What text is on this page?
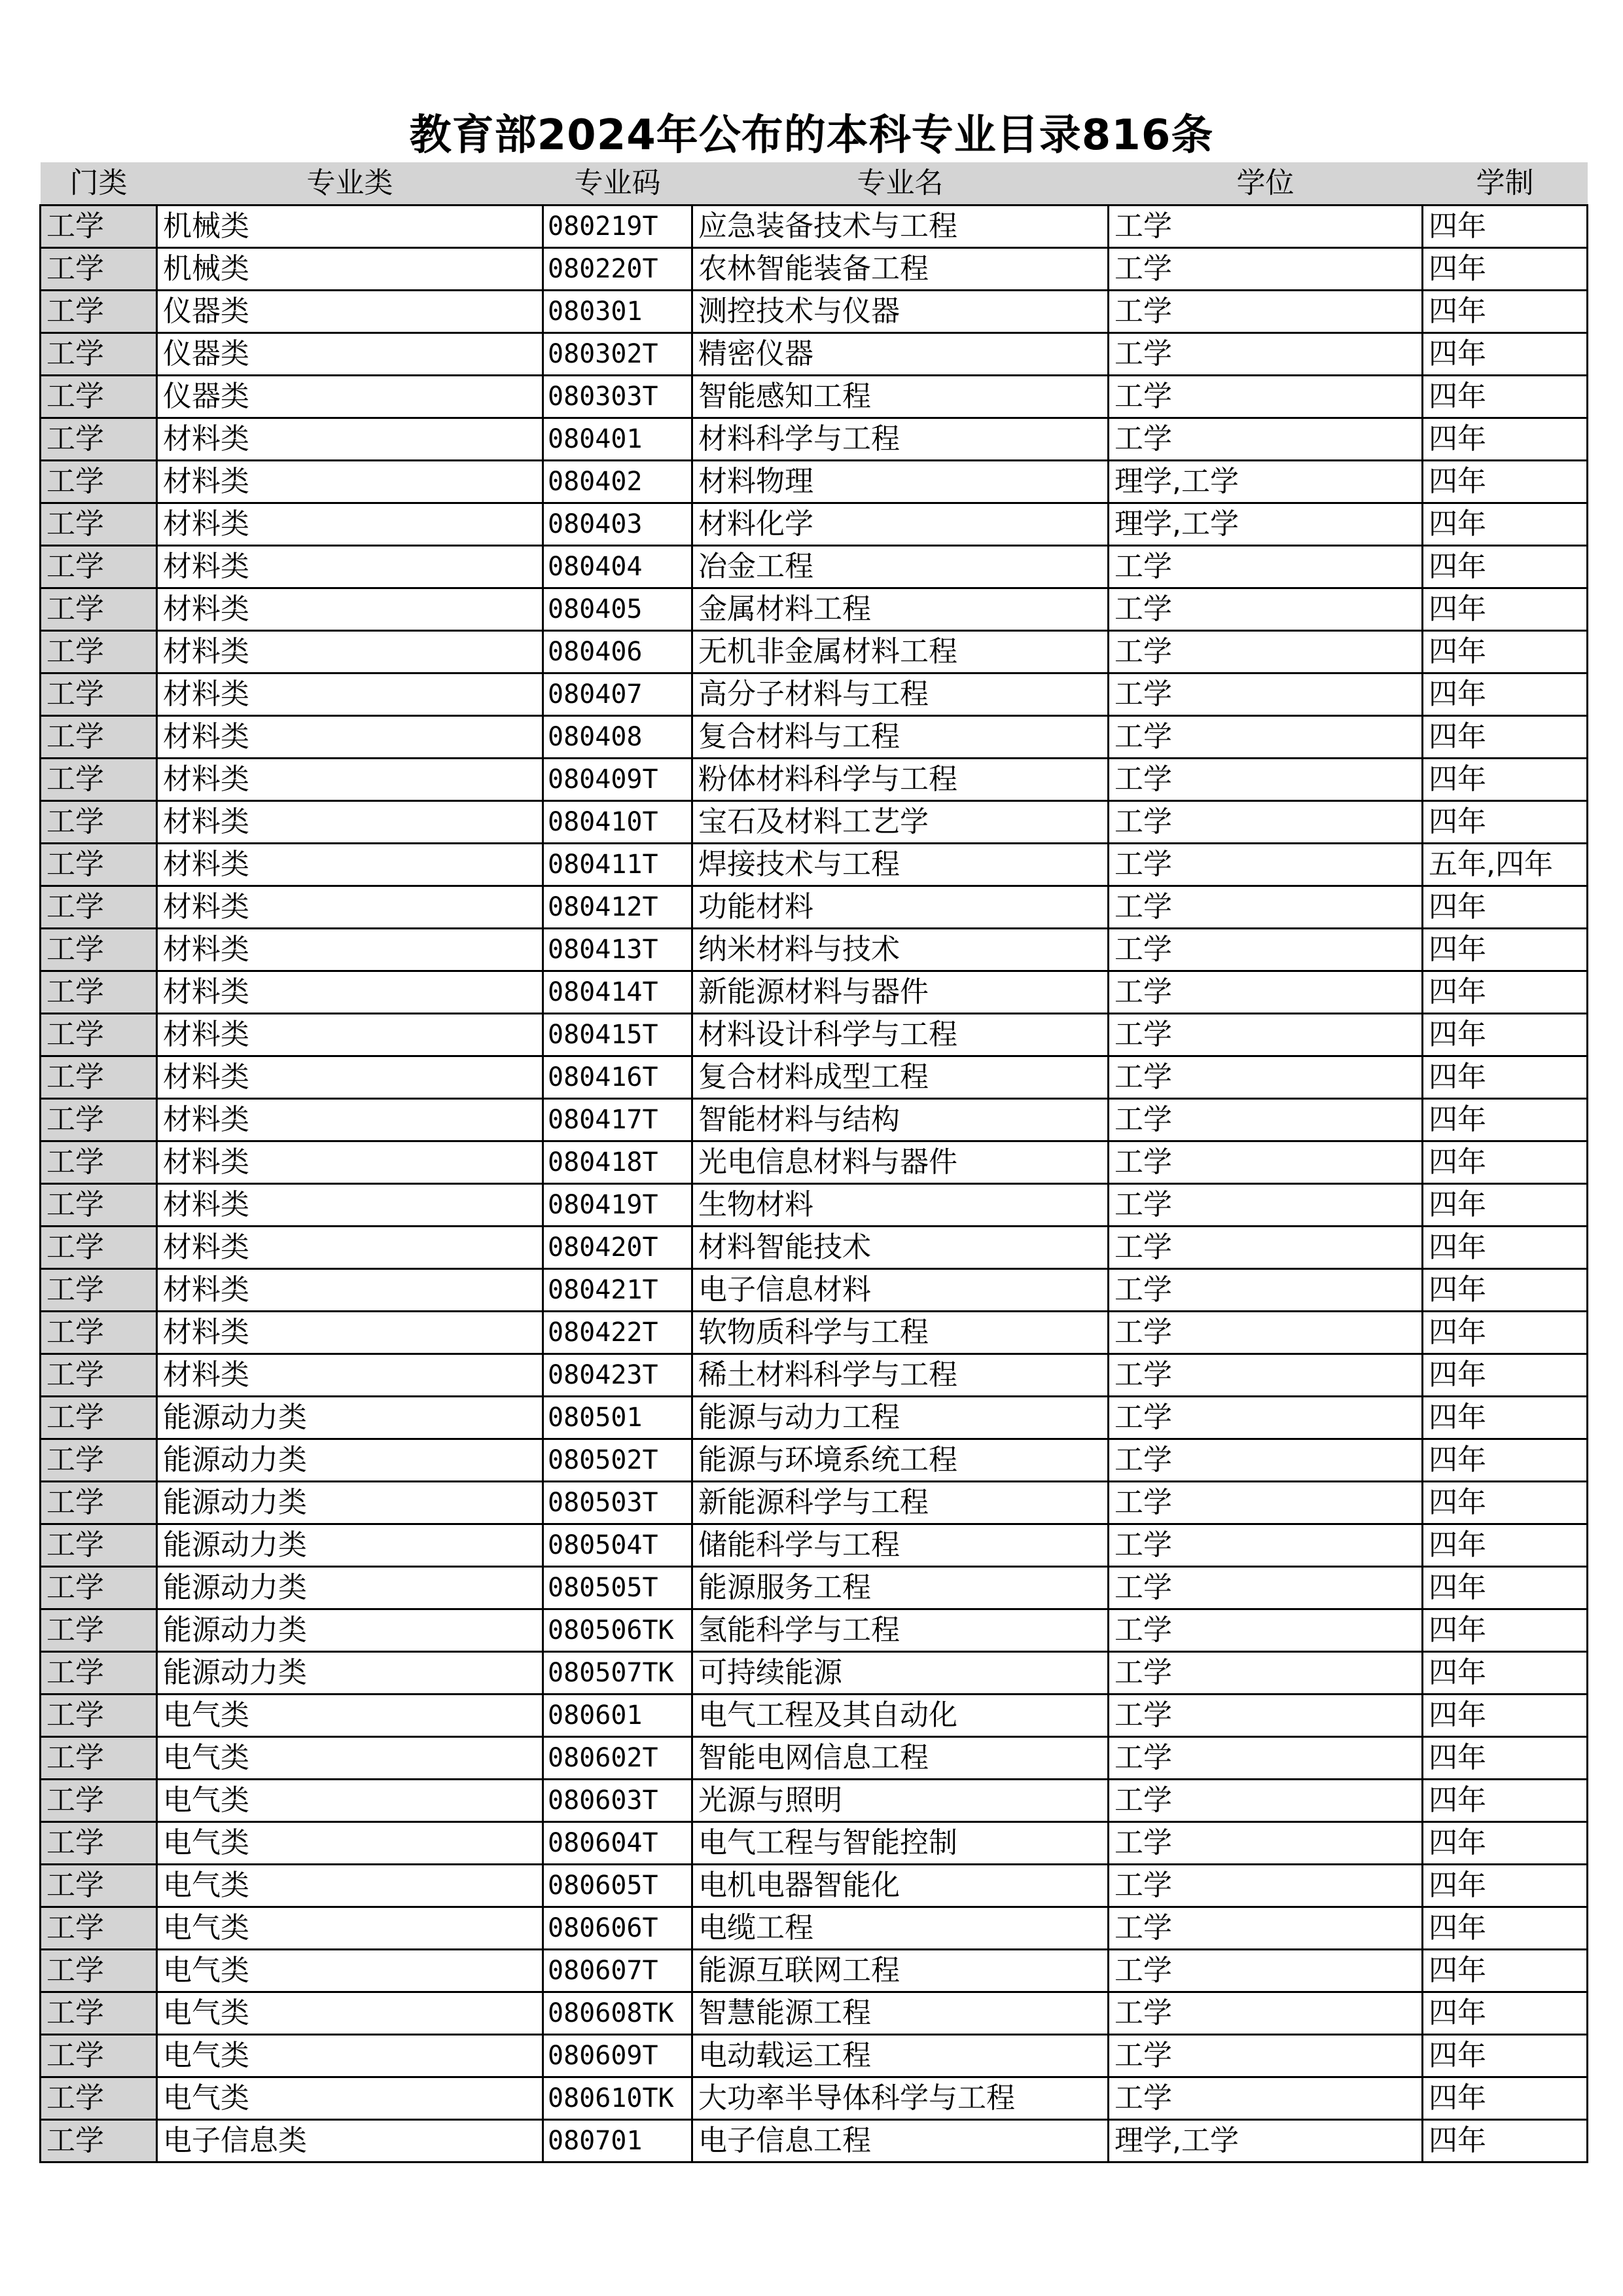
教育部2024年公布的本科专业目录816条
门类	专业类	专业码	专业名	学位	学制
工学	机械类	080219T	应急装备技术与工程	工学	四年
工学	机械类	080220T	农林智能装备工程	工学	四年
工学	仪器类	080301	测控技术与仪器	工学	四年
工学	仪器类	080302T	精密仪器	工学	四年
工学	仪器类	080303T	智能感知工程	工学	四年
工学	材料类	080401	材料科学与工程	工学	四年
工学	材料类	080402	材料物理	理学,工学	四年
工学	材料类	080403	材料化学	理学,工学	四年
工学	材料类	080404	冶金工程	工学	四年
工学	材料类	080405	金属材料工程	工学	四年
工学	材料类	080406	无机非金属材料工程	工学	四年
工学	材料类	080407	高分子材料与工程	工学	四年
工学	材料类	080408	复合材料与工程	工学	四年
工学	材料类	080409T	粉体材料科学与工程	工学	四年
工学	材料类	080410T	宝石及材料工艺学	工学	四年
工学	材料类	080411T	焊接技术与工程	工学	五年,四年
工学	材料类	080412T	功能材料	工学	四年
工学	材料类	080413T	纳米材料与技术	工学	四年
工学	材料类	080414T	新能源材料与器件	工学	四年
工学	材料类	080415T	材料设计科学与工程	工学	四年
工学	材料类	080416T	复合材料成型工程	工学	四年
工学	材料类	080417T	智能材料与结构	工学	四年
工学	材料类	080418T	光电信息材料与器件	工学	四年
工学	材料类	080419T	生物材料	工学	四年
工学	材料类	080420T	材料智能技术	工学	四年
工学	材料类	080421T	电子信息材料	工学	四年
工学	材料类	080422T	软物质科学与工程	工学	四年
工学	材料类	080423T	稀土材料科学与工程	工学	四年
工学	能源动力类	080501	能源与动力工程	工学	四年
工学	能源动力类	080502T	能源与环境系统工程	工学	四年
工学	能源动力类	080503T	新能源科学与工程	工学	四年
工学	能源动力类	080504T	储能科学与工程	工学	四年
工学	能源动力类	080505T	能源服务工程	工学	四年
工学	能源动力类	080506TK	氢能科学与工程	工学	四年
工学	能源动力类	080507TK	可持续能源	工学	四年
工学	电气类	080601	电气工程及其自动化	工学	四年
工学	电气类	080602T	智能电网信息工程	工学	四年
工学	电气类	080603T	光源与照明	工学	四年
工学	电气类	080604T	电气工程与智能控制	工学	四年
工学	电气类	080605T	电机电器智能化	工学	四年
工学	电气类	080606T	电缆工程	工学	四年
工学	电气类	080607T	能源互联网工程	工学	四年
工学	电气类	080608TK	智慧能源工程	工学	四年
工学	电气类	080609T	电动载运工程	工学	四年
工学	电气类	080610TK	大功率半导体科学与工程	工学	四年
工学	电子信息类	080701	电子信息工程	理学,工学	四年
